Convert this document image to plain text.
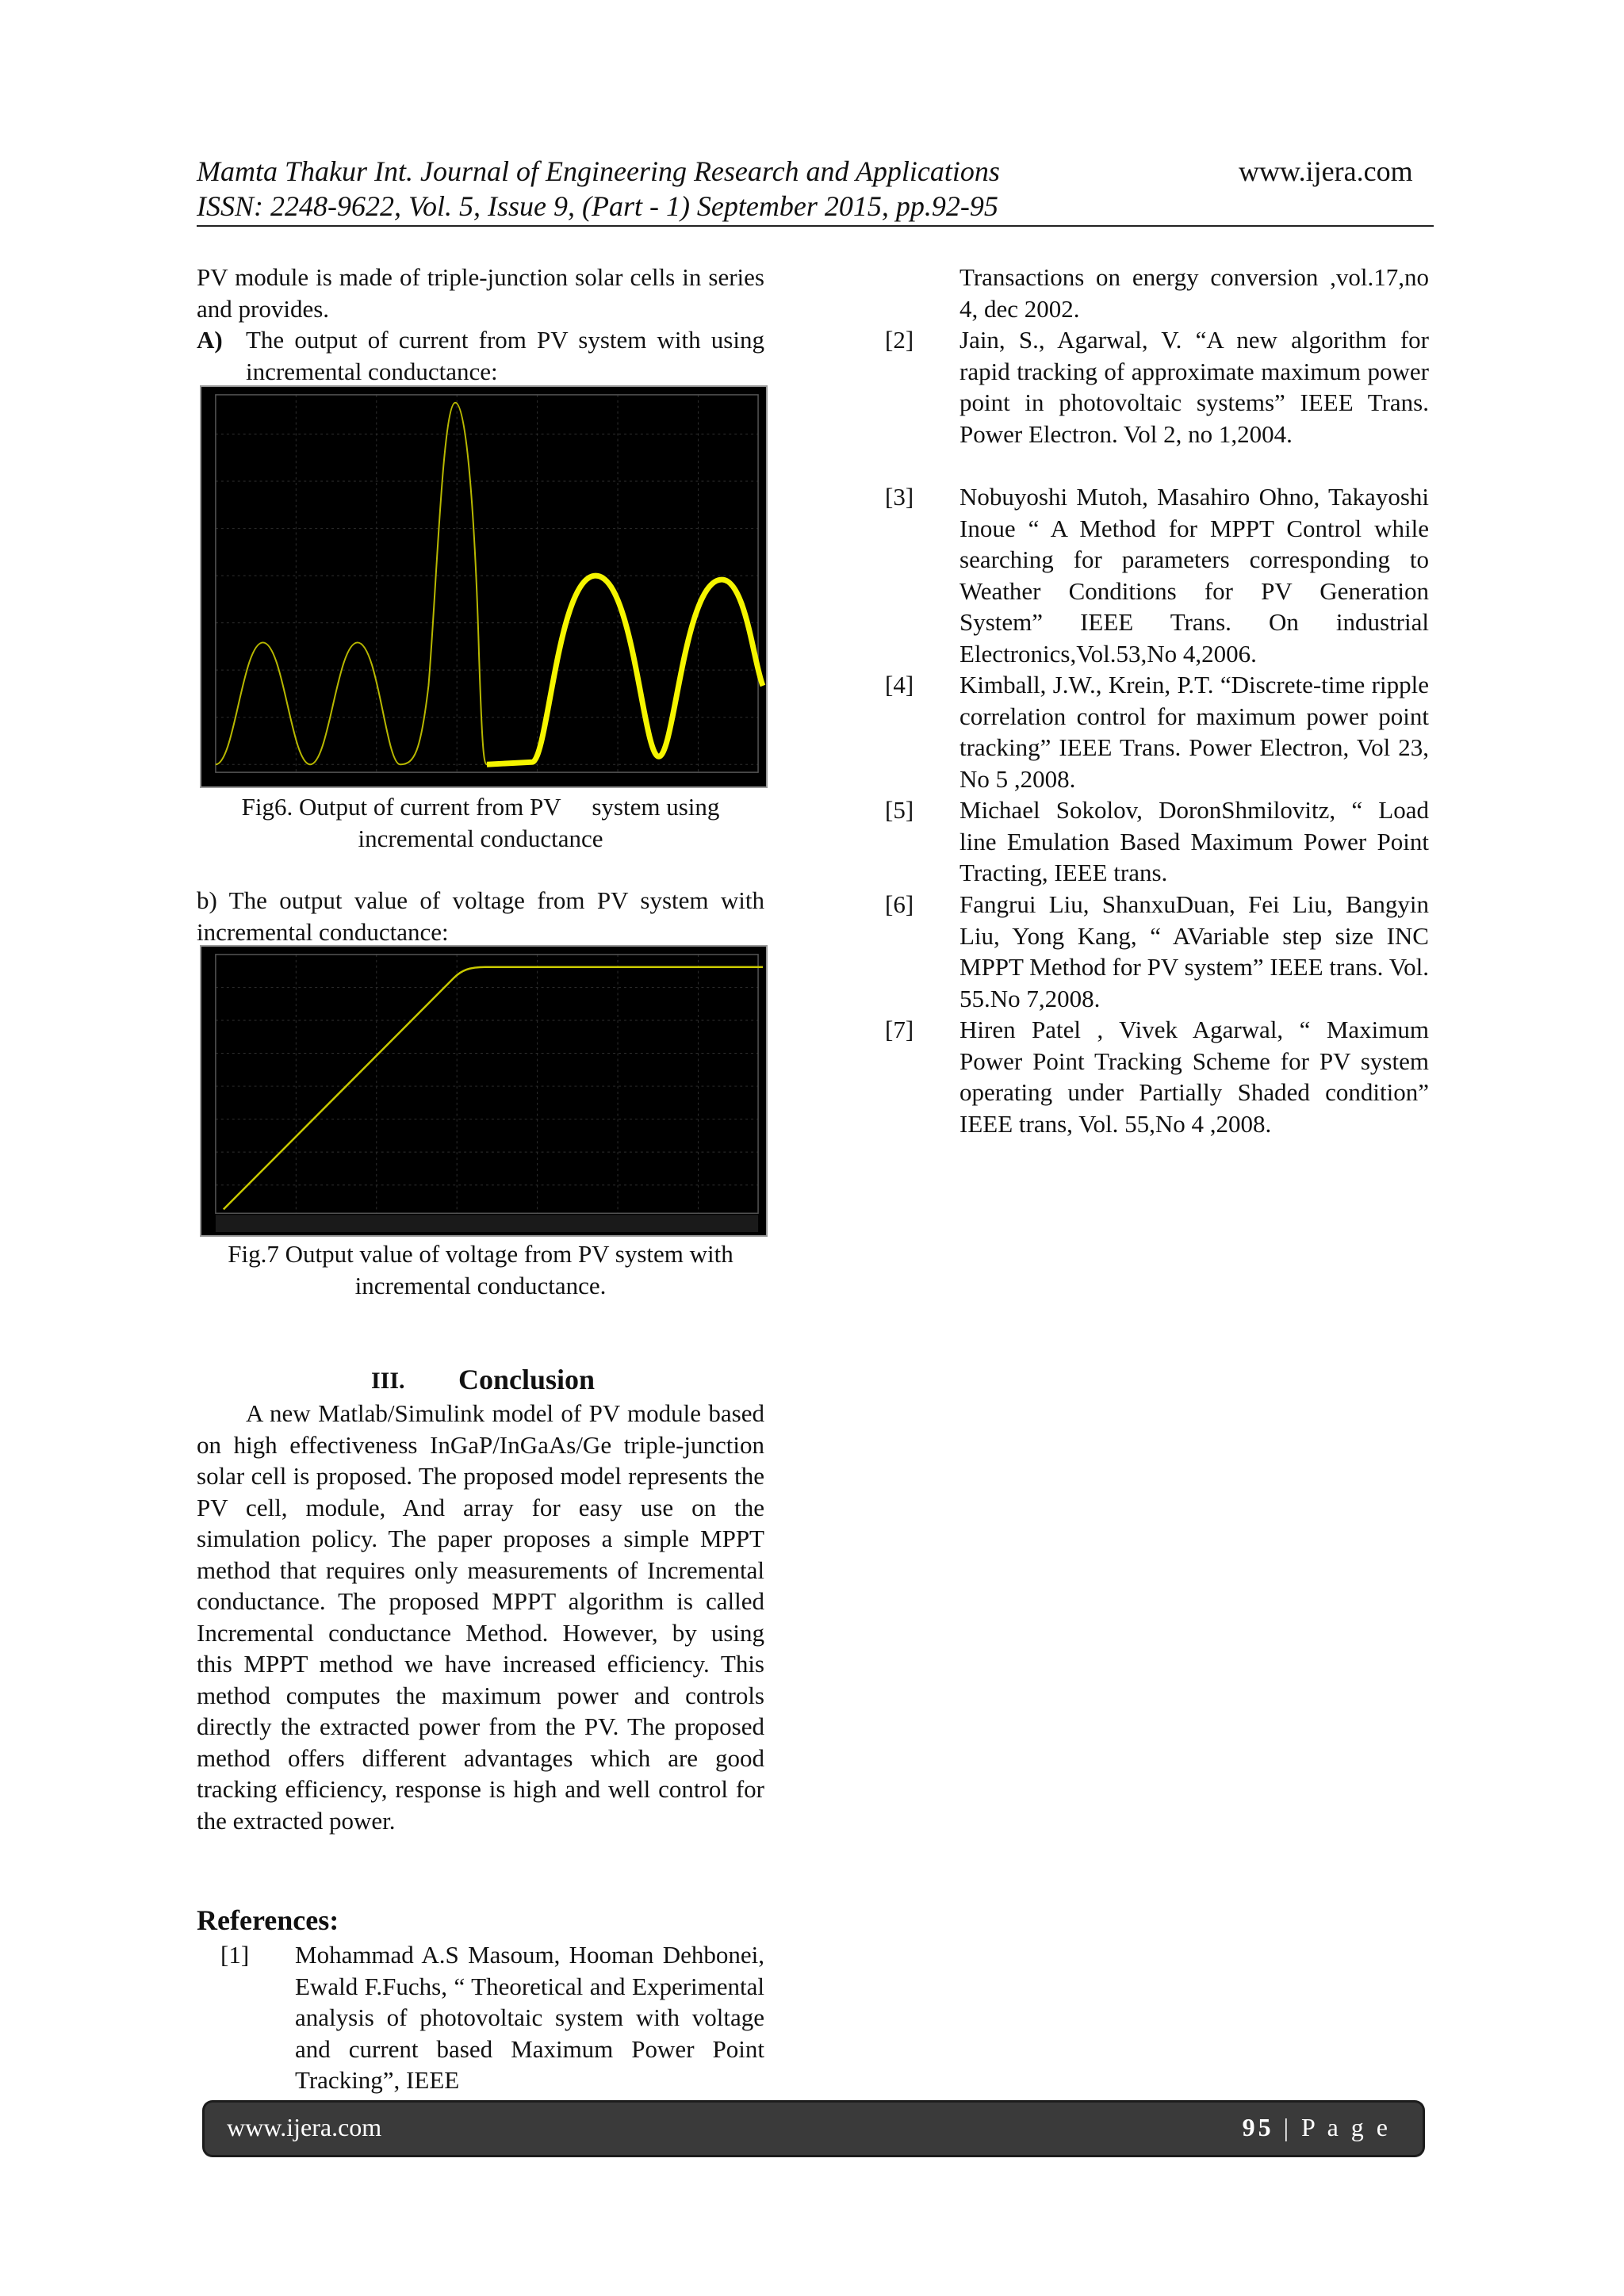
Mamta Thakur Int. Journal of Engineering Research and Applications	www.ijera.com
ISSN: 2248-9622, Vol. 5, Issue 9, (Part - 1) September 2015, pp.92-95
PV module is made of triple-junction solar cells in series and provides.
A) The output of current from PV system with using incremental conductance:
Fig6. Output of current from PV  system using
incremental conductance
b) The output value of voltage from PV system with incremental conductance:
Fig.7 Output value of voltage from PV system with
incremental conductance.
III. Conclusion
A new Matlab/Simulink model of PV module based on high effectiveness InGaP/InGaAs/Ge triple-junction solar cell is proposed. The proposed model represents the PV cell, module, And array for easy use on the simulation policy. The paper proposes a simple MPPT method that requires only measurements of Incremental conductance. The proposed MPPT algorithm is called Incremental conductance Method. However, by using this MPPT method we have increased efficiency. This method computes the maximum power and controls directly the extracted power from the PV. The proposed method offers different advantages which are good tracking efficiency, response is high and well control for the extracted power.
References:
[1] Mohammad A.S Masoum, Hooman Dehbonei, Ewald F.Fuchs, “ Theoretical and Experimental analysis of photovoltaic system with voltage and current based Maximum Power Point Tracking”, IEEE
Transactions on energy conversion ,vol.17,no 4, dec 2002.
[2] Jain, S., Agarwal, V. “A new algorithm for rapid tracking of approximate maximum power point in photovoltaic systems” IEEE Trans. Power Electron. Vol 2, no 1,2004.
[3] Nobuyoshi Mutoh, Masahiro Ohno, Takayoshi Inoue “ A Method for MPPT Control while searching for parameters corresponding to Weather Conditions for PV Generation System” IEEE Trans. On industrial Electronics,Vol.53,No 4,2006.
[4] Kimball, J.W., Krein, P.T. “Discrete-time ripple correlation control for maximum power point tracking” IEEE Trans. Power Electron, Vol 23, No 5 ,2008.
[5] Michael Sokolov, DoronShmilovitz, “ Load line Emulation Based Maximum Power Point Tracting, IEEE trans.
[6] Fangrui Liu, ShanxuDuan, Fei Liu, Bangyin Liu, Yong Kang, “ AVariable step size INC MPPT Method for PV system” IEEE trans. Vol. 55.No 7,2008.
[7] Hiren Patel , Vivek Agarwal, “ Maximum Power Point Tracking Scheme for PV system operating under Partially Shaded condition” IEEE trans, Vol. 55,No 4 ,2008.
www.ijera.com	95 | P a g e
